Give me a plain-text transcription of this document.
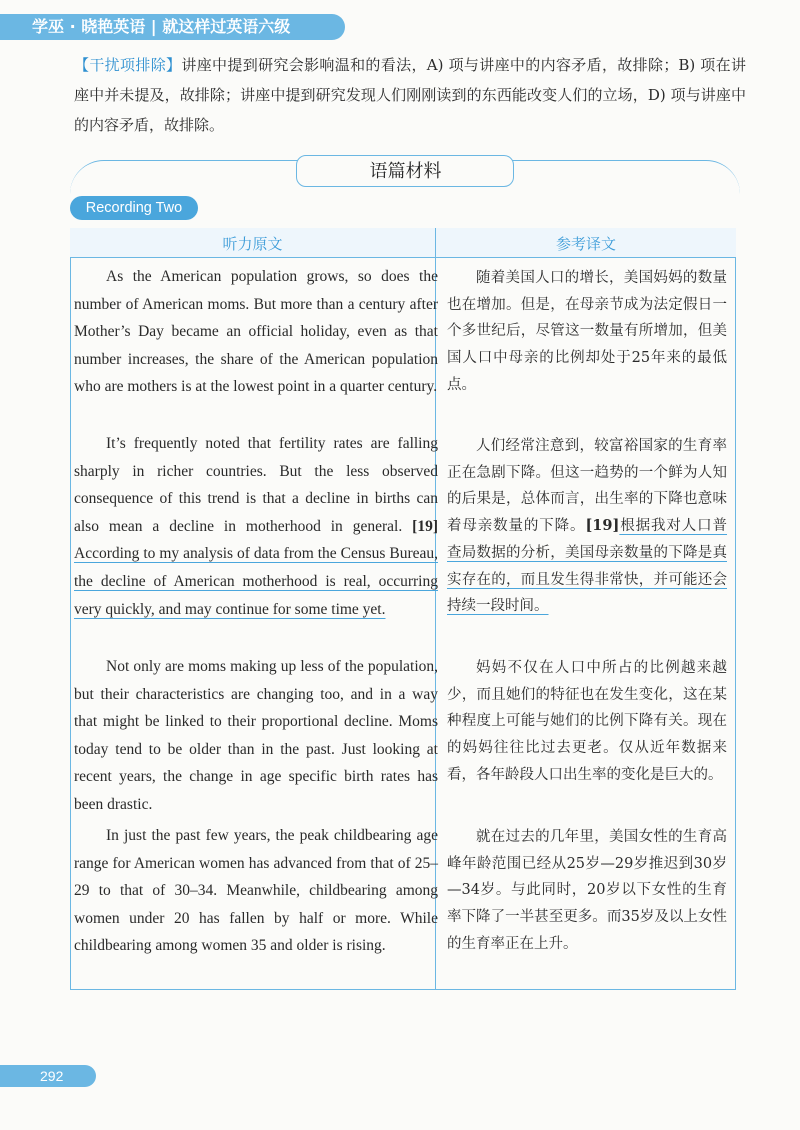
学巫 · 晓艳英语 | 就这样过英语六级
【干扰项排除】讲座中提到研究会影响温和的看法，A) 项与讲座中的内容矛盾，故排除；B) 项在讲座中并未提及，故排除；讲座中提到研究发现人们刚刚读到的东西能改变人们的立场，D) 项与讲座中的内容矛盾，故排除。
语篇材料
Recording Two
听力原文	参考译文
As the American population grows, so does the number of American moms. But more than a century after Mother’s Day became an official holiday, even as that number increases, the share of the American population who are mothers is at the lowest point in a quarter century.
It’s frequently noted that fertility rates are falling sharply in richer countries. But the less observed consequence of this trend is that a decline in births can also mean a decline in motherhood in general. [19] According to my analysis of data from the Census Bureau, the decline of American motherhood is real, occurring very quickly, and may continue for some time yet.
Not only are moms making up less of the population, but their characteristics are changing too, and in a way that might be linked to their proportional decline. Moms today tend to be older than in the past. Just looking at recent years, the change in age specific birth rates has been drastic.
In just the past few years, the peak childbearing age range for American women has advanced from that of 25–29 to that of 30–34. Meanwhile, childbearing among women under 20 has fallen by half or more. While childbearing among women 35 and older is rising.
随着美国人口的增长，美国妈妈的数量也在增加。但是，在母亲节成为法定假日一个多世纪后，尽管这一数量有所增加，但美国人口中母亲的比例却处于25年来的最低点。
人们经常注意到，较富裕国家的生育率正在急剧下降。但这一趋势的一个鲜为人知的后果是，总体而言，出生率的下降也意味着母亲数量的下降。[19]根据我对人口普查局数据的分析，美国母亲数量的下降是真实存在的，而且发生得非常快，并可能还会持续一段时间。
妈妈不仅在人口中所占的比例越来越少，而且她们的特征也在发生变化，这在某种程度上可能与她们的比例下降有关。现在的妈妈往往比过去更老。仅从近年数据来看，各年龄段人口出生率的变化是巨大的。
就在过去的几年里，美国女性的生育高峰年龄范围已经从25岁—29岁推迟到30岁—34岁。与此同时，20岁以下女性的生育率下降了一半甚至更多。而35岁及以上女性的生育率正在上升。
292
